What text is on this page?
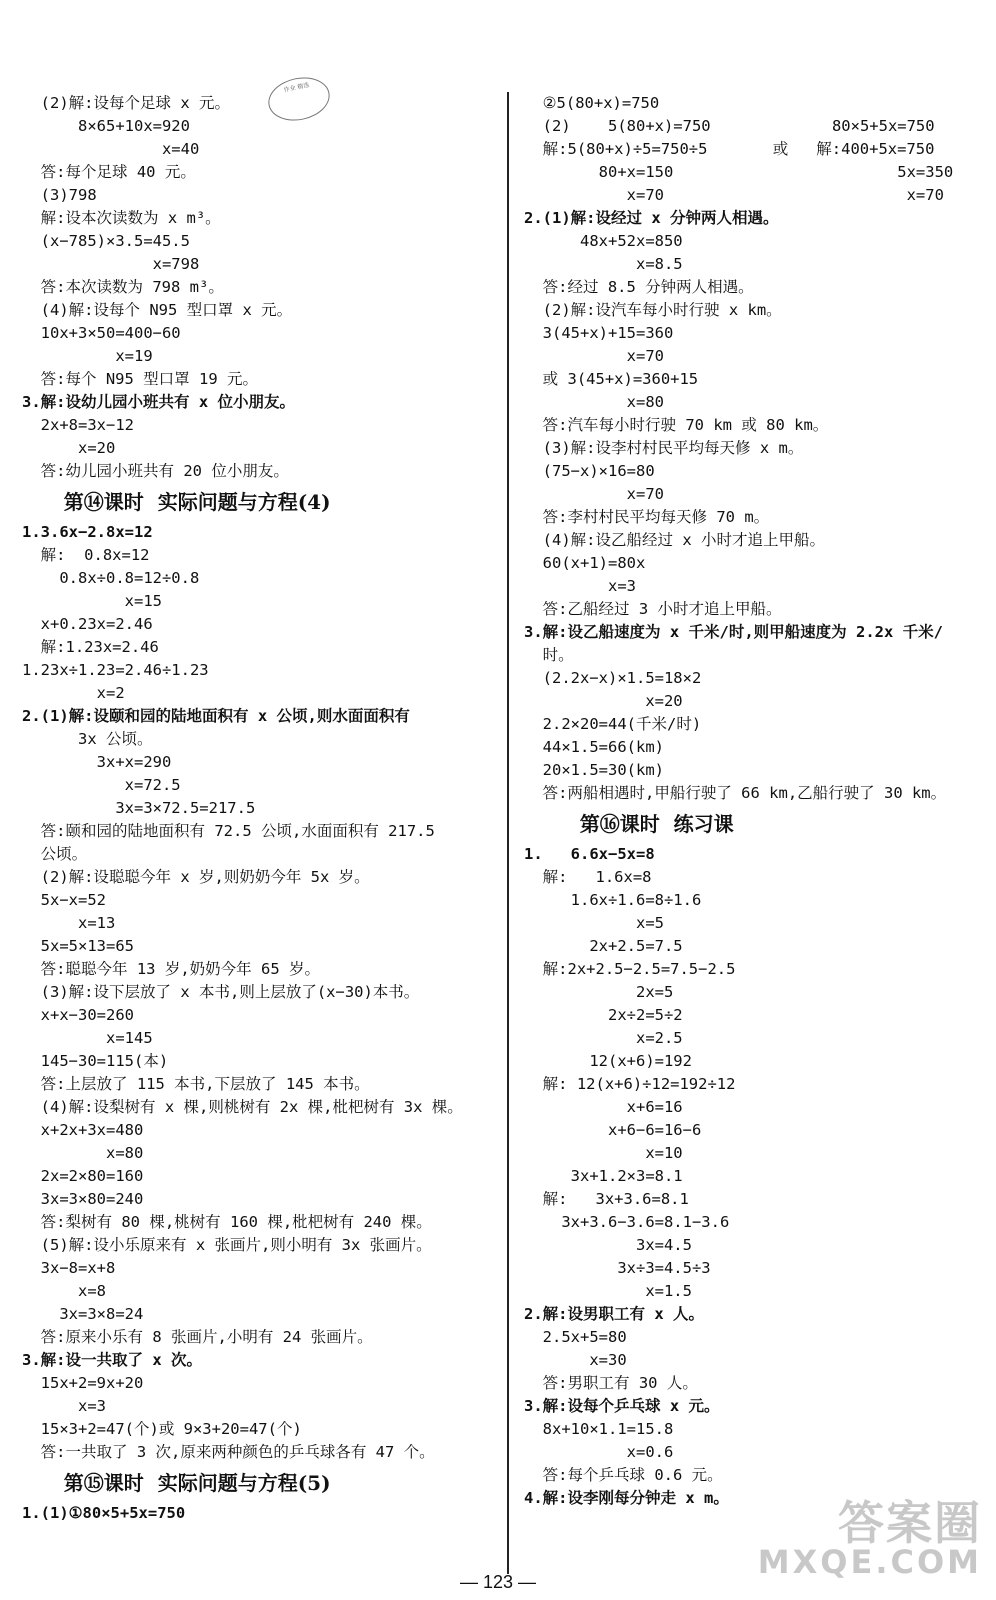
(2)解:设每个足球 x 元。
8×65+10x=920
x=40
答:每个足球 40 元。
(3)798
解:设本次读数为 x m³。
(x−785)×3.5=45.5
x=798
答:本次读数为 798 m³。
(4)解:设每个 N95 型口罩 x 元。
10x+3×50=400−60
x=19
答:每个 N95 型口罩 19 元。
3.解:设幼儿园小班共有 x 位小朋友。
2x+8=3x−12
x=20
答:幼儿园小班共有 20 位小朋友。
第⑭课时  实际问题与方程(4)
1.3.6x−2.8x=12
解:  0.8x=12
0.8x÷0.8=12÷0.8
x=15
x+0.23x=2.46
解:1.23x=2.46
1.23x÷1.23=2.46÷1.23
x=2
2.(1)解:设颐和园的陆地面积有 x 公顷,则水面面积有
3x 公顷。
3x+x=290
x=72.5
3x=3×72.5=217.5
答:颐和园的陆地面积有 72.5 公顷,水面面积有 217.5
公顷。
(2)解:设聪聪今年 x 岁,则奶奶今年 5x 岁。
5x−x=52
x=13
5x=5×13=65
答:聪聪今年 13 岁,奶奶今年 65 岁。
(3)解:设下层放了 x 本书,则上层放了(x−30)本书。
x+x−30=260
x=145
145−30=115(本)
答:上层放了 115 本书,下层放了 145 本书。
(4)解:设梨树有 x 棵,则桃树有 2x 棵,枇杷树有 3x 棵。
x+2x+3x=480
x=80
2x=2×80=160
3x=3×80=240
答:梨树有 80 棵,桃树有 160 棵,枇杷树有 240 棵。
(5)解:设小乐原来有 x 张画片,则小明有 3x 张画片。
3x−8=x+8
x=8
3x=3×8=24
答:原来小乐有 8 张画片,小明有 24 张画片。
3.解:设一共取了 x 次。
15x+2=9x+20
x=3
15×3+2=47(个)或 9×3+20=47(个)
答:一共取了 3 次,原来两种颜色的乒乓球各有 47 个。
第⑮课时  实际问题与方程(5)
1.(1)①80×5+5x=750
②5(80+x)=750
(2)    5(80+x)=750             80×5+5x=750
解:5(80+x)÷5=750÷5       或   解:400+5x=750
80+x=150                        5x=350
x=70                          x=70
2.(1)解:设经过 x 分钟两人相遇。
48x+52x=850
x=8.5
答:经过 8.5 分钟两人相遇。
(2)解:设汽车每小时行驶 x km。
3(45+x)+15=360
x=70
或 3(45+x)=360+15
x=80
答:汽车每小时行驶 70 km 或 80 km。
(3)解:设李村村民平均每天修 x m。
(75−x)×16=80
x=70
答:李村村民平均每天修 70 m。
(4)解:设乙船经过 x 小时才追上甲船。
60(x+1)=80x
x=3
答:乙船经过 3 小时才追上甲船。
3.解:设乙船速度为 x 千米/时,则甲船速度为 2.2x 千米/
时。
(2.2x−x)×1.5=18×2
x=20
2.2×20=44(千米/时)
44×1.5=66(km)
20×1.5=30(km)
答:两船相遇时,甲船行驶了 66 km,乙船行驶了 30 km。
第⑯课时  练习课
1.   6.6x−5x=8
解:   1.6x=8
1.6x÷1.6=8÷1.6
x=5
2x+2.5=7.5
解:2x+2.5−2.5=7.5−2.5
2x=5
2x÷2=5÷2
x=2.5
12(x+6)=192
解: 12(x+6)÷12=192÷12
x+6=16
x+6−6=16−6
x=10
3x+1.2×3=8.1
解:   3x+3.6=8.1
3x+3.6−3.6=8.1−3.6
3x=4.5
3x÷3=4.5÷3
x=1.5
2.解:设男职工有 x 人。
2.5x+5=80
x=30
答:男职工有 30 人。
3.解:设每个乒乓球 x 元。
8x+10×1.1=15.8
x=0.6
答:每个乒乓球 0.6 元。
4.解:设李刚每分钟走 x m。
作业 精选
答案圈
MXQE.COM
— 123 —
